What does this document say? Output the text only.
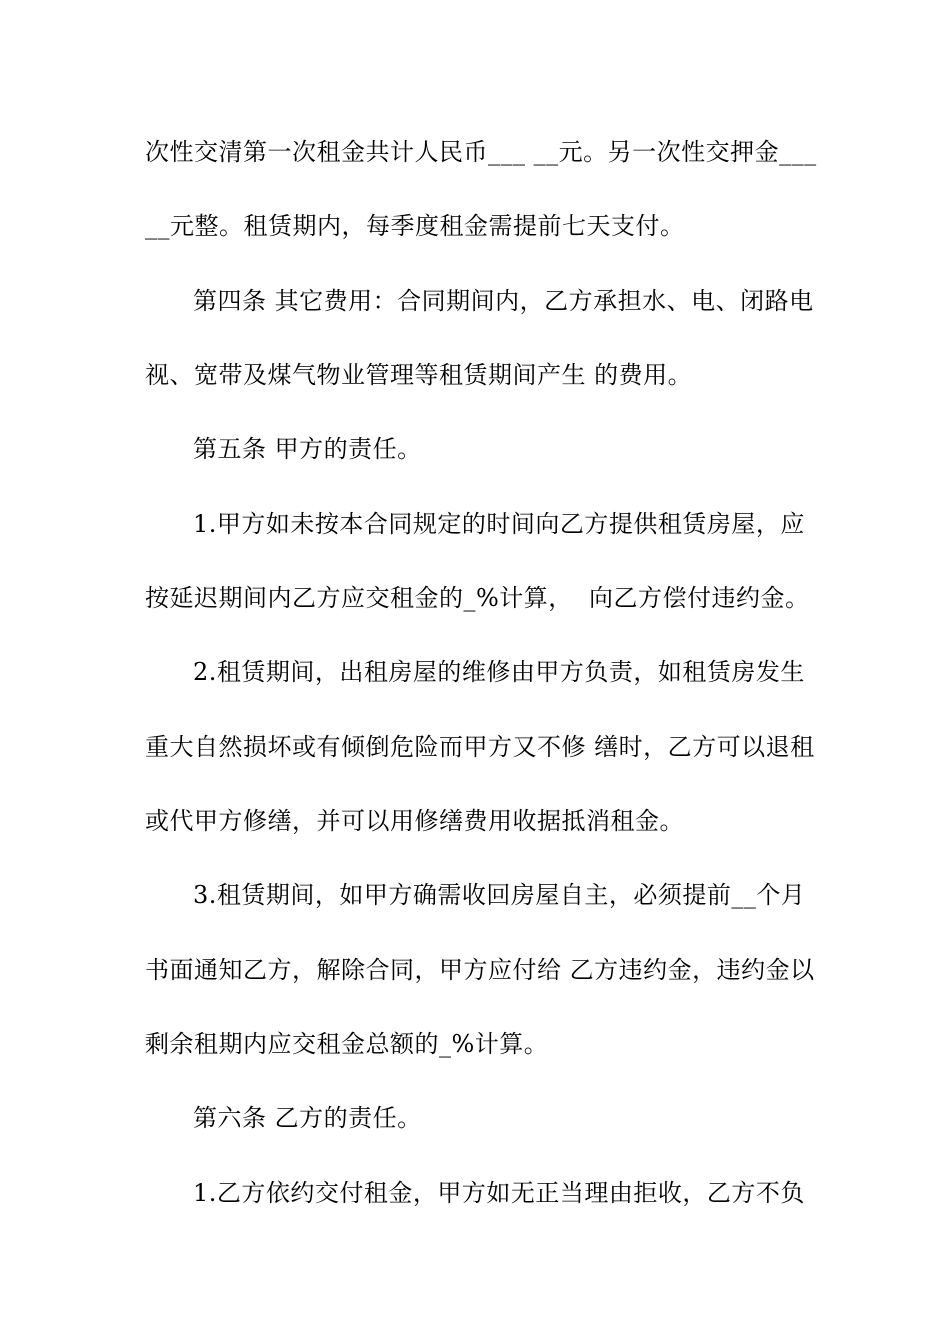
次性交清第一次租金共计人民币___ __元。另一次性交押金___
__元整。租赁期内，每季度租金需提前七天支付。
第四条 其它费用：合同期间内，乙方承担水、电、闭路电
视、宽带及煤气物业管理等租赁期间产生 的费用。
第五条 甲方的责任。
1.甲方如未按本合同规定的时间向乙方提供租赁房屋，应
按延迟期间内乙方应交租金的_%计算，  向乙方偿付违约金。
2.租赁期间，出租房屋的维修由甲方负责，如租赁房发生
重大自然损坏或有倾倒危险而甲方又不修 缮时，乙方可以退租
或代甲方修缮，并可以用修缮费用收据抵消租金。
3.租赁期间，如甲方确需收回房屋自主，必须提前__个月
书面通知乙方，解除合同，甲方应付给 乙方违约金，违约金以
剩余租期内应交租金总额的_%计算。
第六条 乙方的责任。
1.乙方依约交付租金，甲方如无正当理由拒收，乙方不负
